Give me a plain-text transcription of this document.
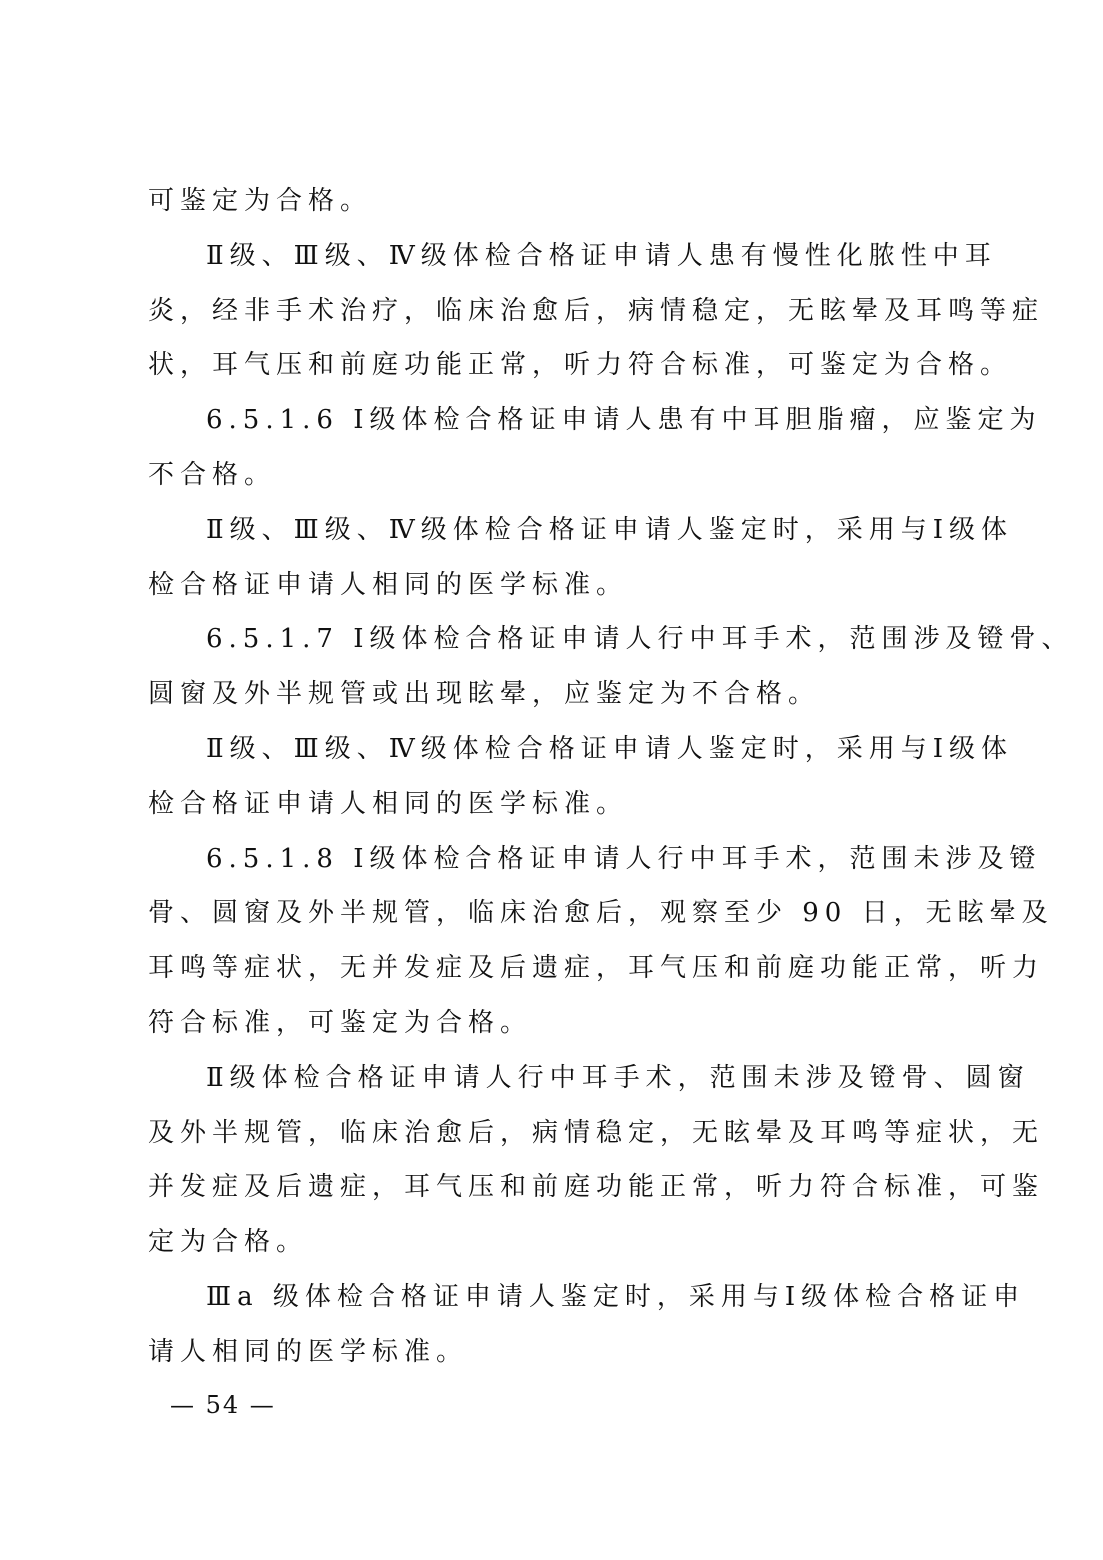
可鉴定为合格。
Ⅱ级、Ⅲ级、Ⅳ级体检合格证申请人患有慢性化脓性中耳
炎，经非手术治疗，临床治愈后，病情稳定，无眩晕及耳鸣等症
状，耳气压和前庭功能正常，听力符合标准，可鉴定为合格。
6.5.1.6 Ⅰ级体检合格证申请人患有中耳胆脂瘤，应鉴定为
不合格。
Ⅱ级、Ⅲ级、Ⅳ级体检合格证申请人鉴定时，采用与Ⅰ级体
检合格证申请人相同的医学标准。
6.5.1.7 Ⅰ级体检合格证申请人行中耳手术，范围涉及镫骨、
圆窗及外半规管或出现眩晕，应鉴定为不合格。
Ⅱ级、Ⅲ级、Ⅳ级体检合格证申请人鉴定时，采用与Ⅰ级体
检合格证申请人相同的医学标准。
6.5.1.8 Ⅰ级体检合格证申请人行中耳手术，范围未涉及镫
骨、圆窗及外半规管，临床治愈后，观察至少 90 日，无眩晕及
耳鸣等症状，无并发症及后遗症，耳气压和前庭功能正常，听力
符合标准，可鉴定为合格。
Ⅱ级体检合格证申请人行中耳手术，范围未涉及镫骨、圆窗
及外半规管，临床治愈后，病情稳定，无眩晕及耳鸣等症状，无
并发症及后遗症，耳气压和前庭功能正常，听力符合标准，可鉴
定为合格。
Ⅲa 级体检合格证申请人鉴定时，采用与Ⅰ级体检合格证申
请人相同的医学标准。
— 54 —
